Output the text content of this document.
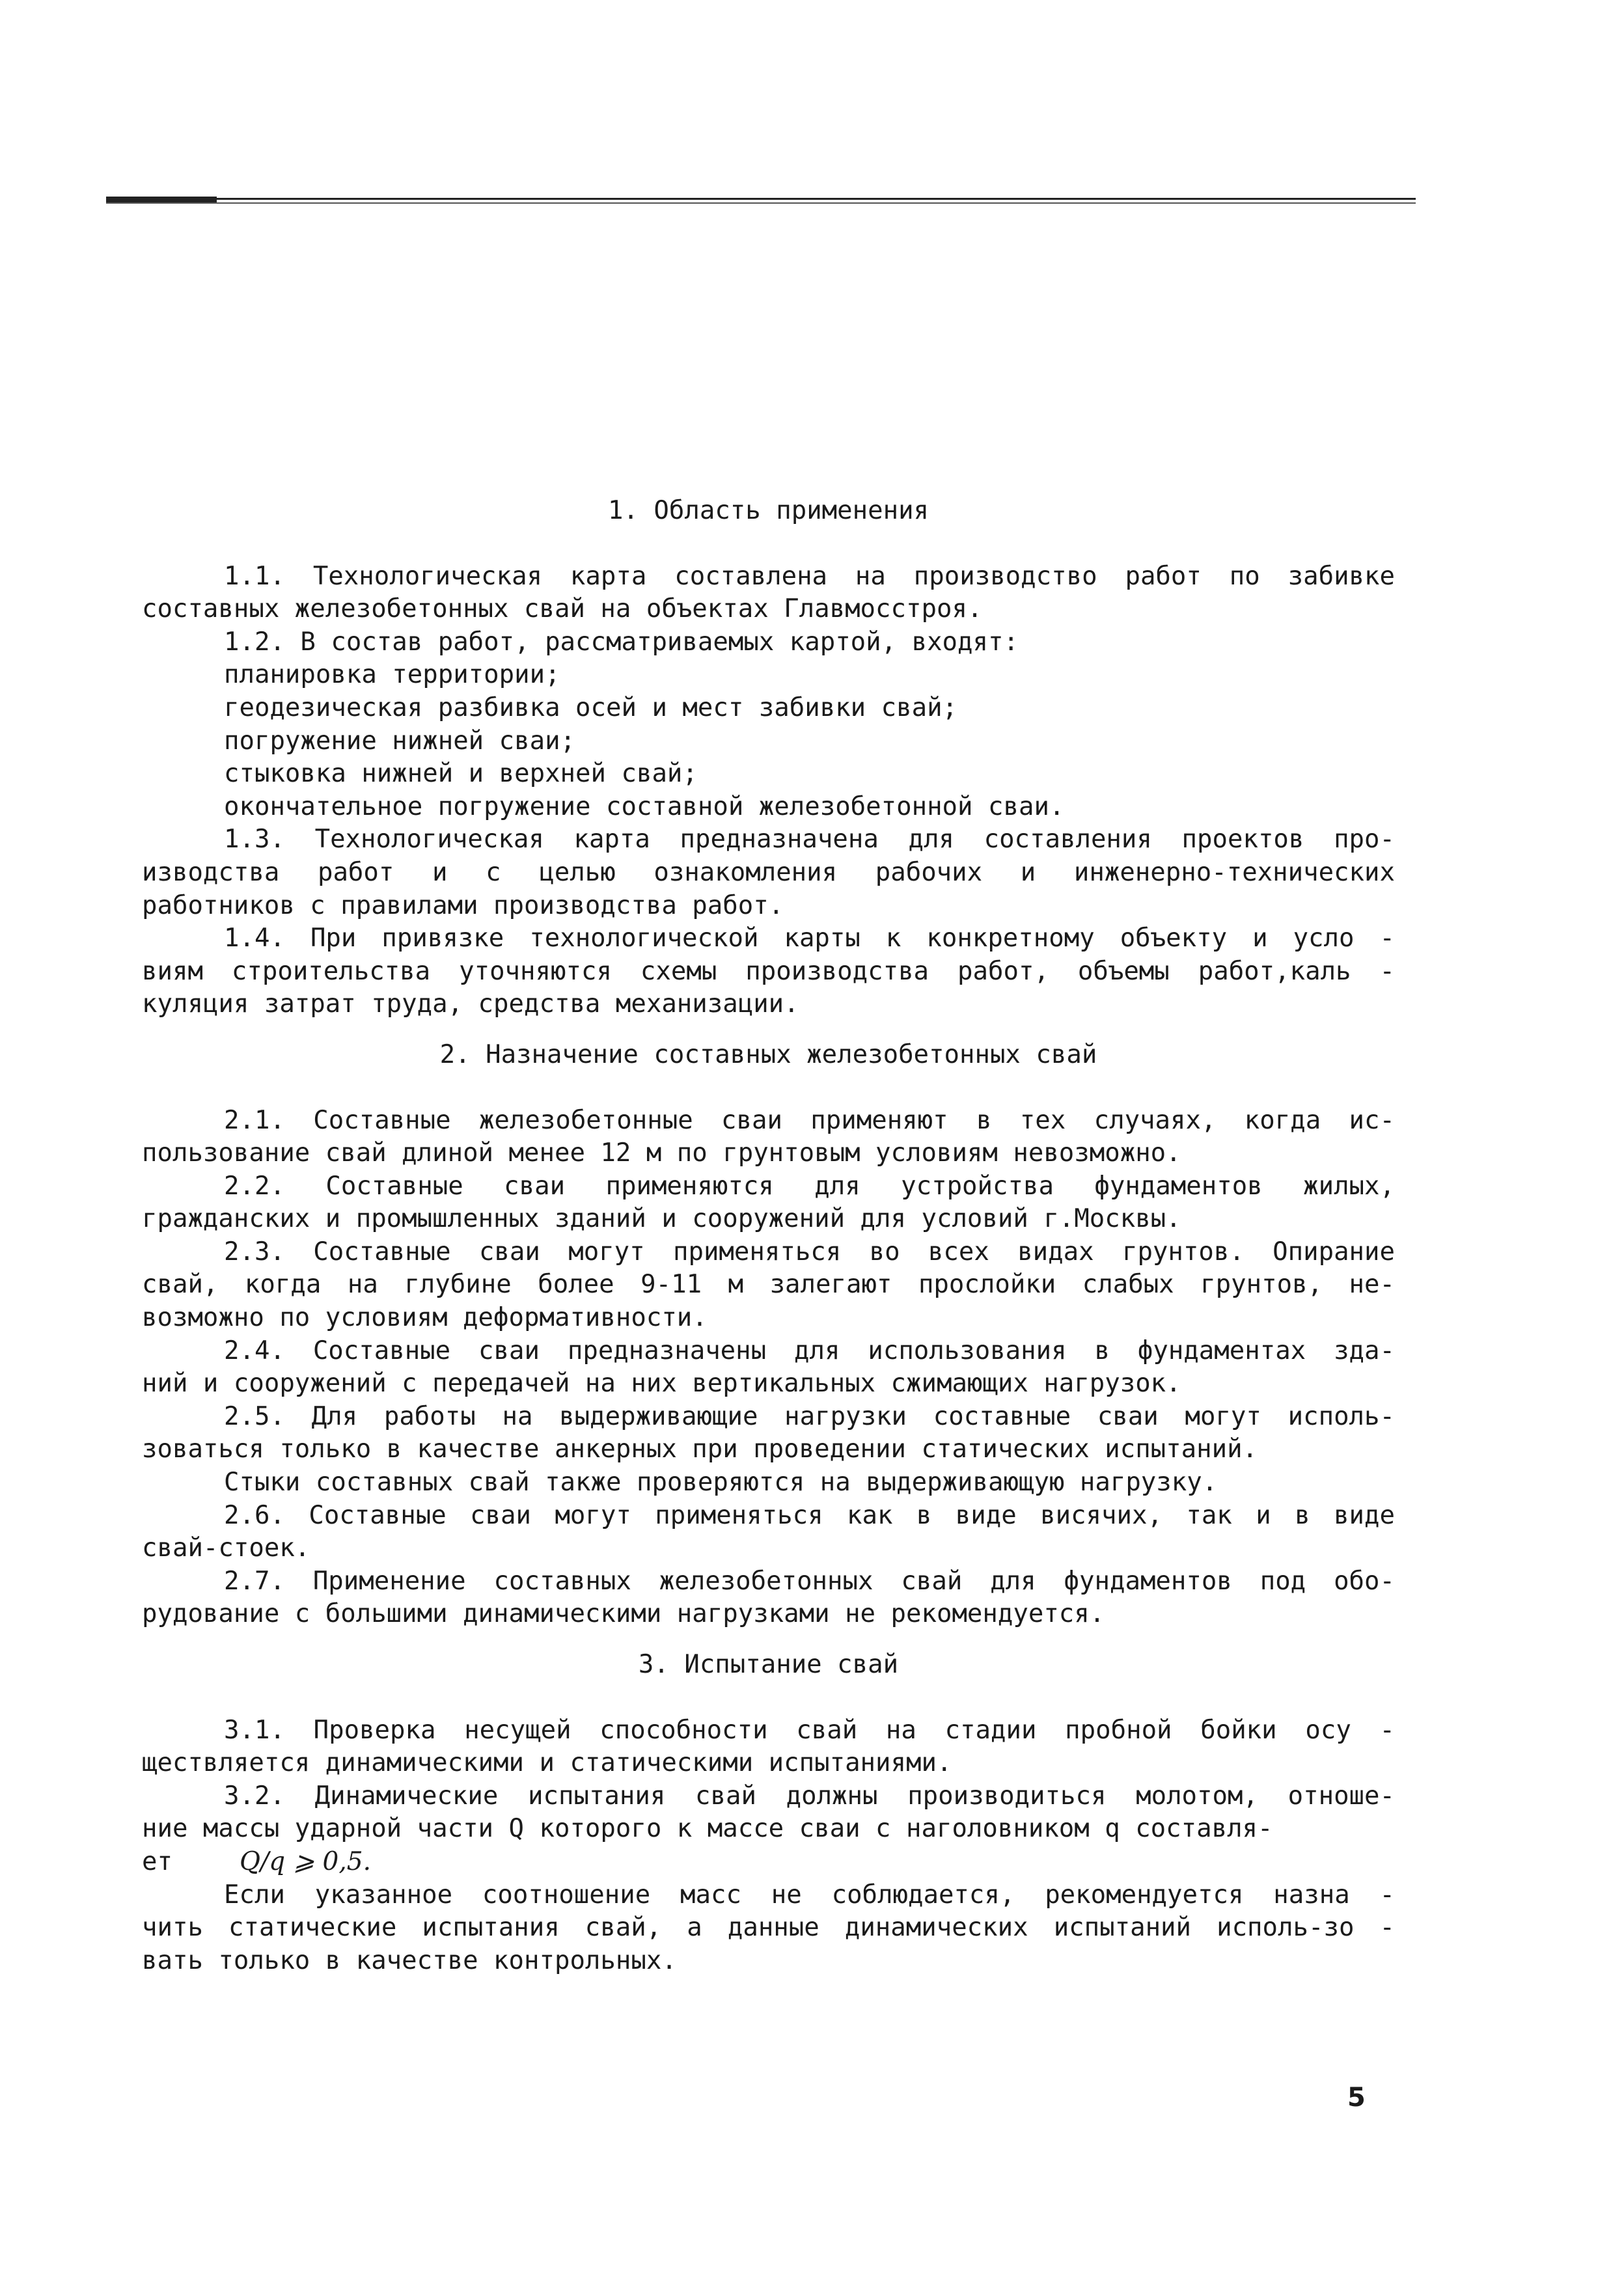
1. Область применения

1.1. Технологическая карта составлена на производство работ по забивке
составных железобетонных свай на объектах Главмосстроя.
1.2. В состав работ, рассматриваемых картой, входят:
планировка территории;
геодезическая разбивка осей и мест забивки свай;
погружение нижней сваи;
стыковка нижней и верхней свай;
окончательное погружение составной железобетонной сваи.
1.3. Технологическая карта предназначена для составления проектов про-
изводства работ и с целью ознакомления рабочих и инженерно-технических
работников с правилами производства работ.
1.4. При привязке технологической карты к конкретному объекту и усло -
виям строительства уточняются схемы производства работ, объемы работ,каль -
куляция затрат труда, средства механизации.

2. Назначение составных железобетонных свай

2.1. Составные железобетонные сваи применяют в тех случаях, когда ис-
пользование свай длиной менее 12 м по грунтовым условиям невозможно.
2.2. Составные сваи применяются для устройства фундаментов жилых,
гражданских и промышленных зданий и сооружений для условий г.Москвы.
2.3. Составные сваи могут применяться во всех видах грунтов. Опирание
свай, когда на глубине более 9-11 м залегают прослойки слабых грунтов, не-
возможно по условиям деформативности.
2.4. Составные сваи предназначены для использования в фундаментах зда-
ний и сооружений с передачей на них вертикальных сжимающих нагрузок.
2.5. Для работы на выдерживающие нагрузки составные сваи могут исполь-
зоваться только в качестве анкерных при проведении статических испытаний.
Стыки составных свай также проверяются на выдерживающую нагрузку.
2.6. Составные сваи могут применяться как в виде висячих, так и в виде
свай-стоек.
2.7. Применение составных железобетонных свай для фундаментов под обо-
рудование с большими динамическими нагрузками не рекомендуется.

3. Испытание свай

3.1. Проверка несущей способности свай на стадии пробной бойки осу -
ществляется динамическими и статическими испытаниями.
3.2. Динамические испытания свай должны производиться молотом, отноше-
ние массы ударной части Q которого к массе сваи с наголовником q составля-

ет	Q/q ⩾ 0,5.

Если указанное соотношение масс не соблюдается, рекомендуется назна -
чить статические испытания свай, а данные динамических испытаний исполь-зо -
вать только в качестве контрольных.
5
